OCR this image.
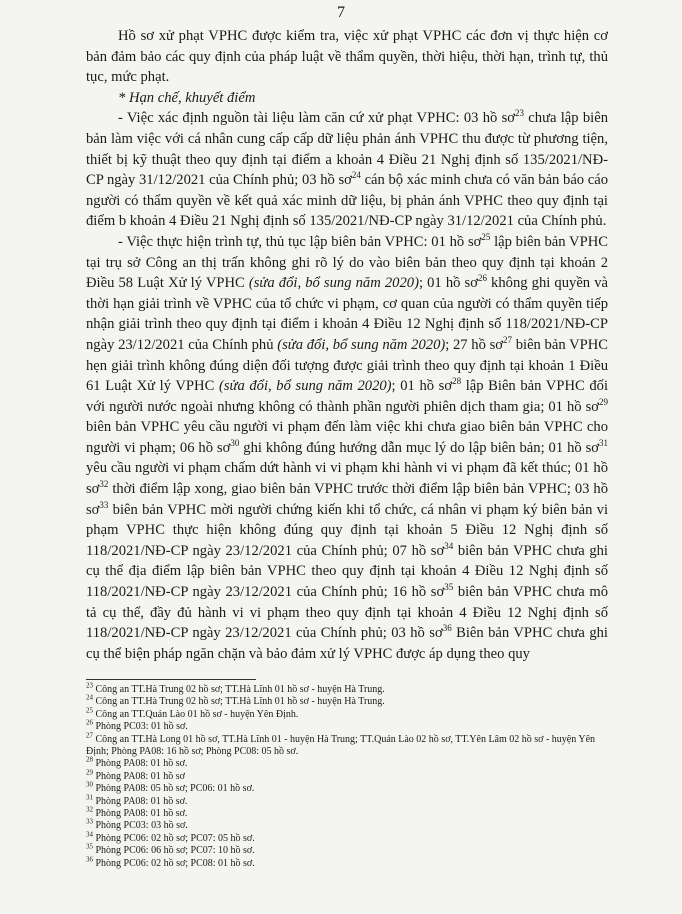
7

Hồ sơ xử phạt VPHC được kiểm tra, việc xử phạt VPHC các đơn vị thực hiện cơ bản đảm bảo các quy định của pháp luật về thẩm quyền, thời hiệu, thời hạn, trình tự, thủ tục, mức phạt.

* Hạn chế, khuyết điểm

- Việc xác định nguồn tài liệu làm căn cứ xử phạt VPHC: 03 hồ $sơ^{23}$ chưa lập biên bản làm việc với cá nhân cung cấp cấp dữ liệu phản ánh VPHC thu được từ phương tiện, thiết bị kỹ thuật theo quy định tại điểm a khoản 4 Điều 21 Nghị định số 135/2021/NĐ-CP ngày 31/12/2021 của Chính phủ; 03 hồ $sơ^{24}$ cán bộ xác minh chưa có văn bản báo cáo người có thẩm quyền về kết quả xác minh dữ liệu, bị phản ánh VPHC theo quy định tại điểm b khoản 4 Điều 21 Nghị định số 135/2021/NĐ-CP ngày 31/12/2021 của Chính phủ.

- Việc thực hiện trình tự, thủ tục lập biên bản VPHC: 01 hồ $sơ^{25}$ lập biên bản VPHC tại trụ sở Công an thị trấn không ghi rõ lý do vào biên bản theo quy định tại khoản 2 Điều 58 Luật Xử lý VPHC (sửa đổi, bổ sung năm 2020); 01 hồ $sơ^{26}$ không ghi quyền và thời hạn giải trình về VPHC của tổ chức vi phạm, cơ quan của người có thẩm quyền tiếp nhận giải trình theo quy định tại điểm i khoản 4 Điều 12 Nghị định số 118/2021/NĐ-CP ngày 23/12/2021 của Chính phủ (sửa đổi, bổ sung năm 2020); 27 hồ $sơ^{27}$ biên bản VPHC hẹn giải trình không đúng diện đối tượng được giải trình theo quy định tại khoản 1 Điều 61 Luật Xử lý VPHC (sửa đổi, bổ sung năm 2020); 01 hồ $sơ^{28}$ lập Biên bản VPHC đối với người nước ngoài nhưng không có thành phần người phiên dịch tham gia; 01 hồ $sơ^{29}$ biên bản VPHC yêu cầu người vi phạm đến làm việc khi chưa giao biên bản VPHC cho người vi phạm; 06 hồ $sơ^{30}$ ghi không đúng hướng dẫn mục lý do lập biên bản; 01 hồ $sơ^{31}$ yêu cầu người vi phạm chấm dứt hành vi vi phạm khi hành vi vi phạm đã kết thúc; 01 hồ $sơ^{32}$ thời điểm lập xong, giao biên bản VPHC trước thời điểm lập biên bản VPHC; 03 hồ $sơ^{33}$ biên bản VPHC mời người chứng kiến khi tổ chức, cá nhân vi phạm ký biên bản vi phạm VPHC thực hiện không đúng quy định tại khoản 5 Điều 12 Nghị định số 118/2021/NĐ-CP ngày 23/12/2021 của Chính phủ; 07 hồ $sơ^{34}$ biên bản VPHC chưa ghi cụ thể địa điểm lập biên bản VPHC theo quy định tại khoản 4 Điều 12 Nghị định số 118/2021/NĐ-CP ngày 23/12/2021 của Chính phủ; 16 hồ $sơ^{35}$ biên bản VPHC chưa mô tả cụ thể, đầy đủ hành vi vi phạm theo quy định tại khoản 4 Điều 12 Nghị định số 118/2021/NĐ-CP ngày 23/12/2021 của Chính phủ; 03 hồ $sơ^{36}$ Biên bản VPHC chưa ghi cụ thể biện pháp ngăn chặn và bảo đảm xử lý VPHC được áp dụng theo quy

$^{23}$ Công an TT.Hà Trung 02 hồ sơ; TT.Hà Lĩnh 01 hồ sơ - huyện Hà Trung.
$^{24}$ Công an TT.Hà Trung 02 hồ sơ; TT.Hà Lĩnh 01 hồ sơ - huyện Hà Trung.
$^{25}$ Công an TT.Quán Lào 01 hồ sơ - huyện Yên Định.
$^{26}$ Phòng PC03: 01 hồ sơ.
$^{27}$ Công an TT.Hà Long 01 hồ sơ, TT.Hà Lĩnh 01 - huyện Hà Trung; TT.Quán Lào 02 hồ sơ, TT.Yên Lâm 02 hồ sơ - huyện Yên Định; Phòng PA08: 16 hồ sơ; Phòng PC08: 05 hồ sơ.
$^{28}$ Phòng PA08: 01 hồ sơ.
$^{29}$ Phòng PA08: 01 hồ sơ
$^{30}$ Phòng PA08: 05 hồ sơ; PC06: 01 hồ sơ.
$^{31}$ Phòng PA08: 01 hồ sơ.
$^{32}$ Phòng PA08: 01 hồ sơ.
$^{33}$ Phòng PC03: 03 hồ sơ.
$^{34}$ Phòng PC06: 02 hồ sơ; PC07: 05 hồ sơ.
$^{35}$ Phòng PC06: 06 hồ sơ; PC07: 10 hồ sơ.
$^{36}$ Phòng PC06: 02 hồ sơ; PC08: 01 hồ sơ.
